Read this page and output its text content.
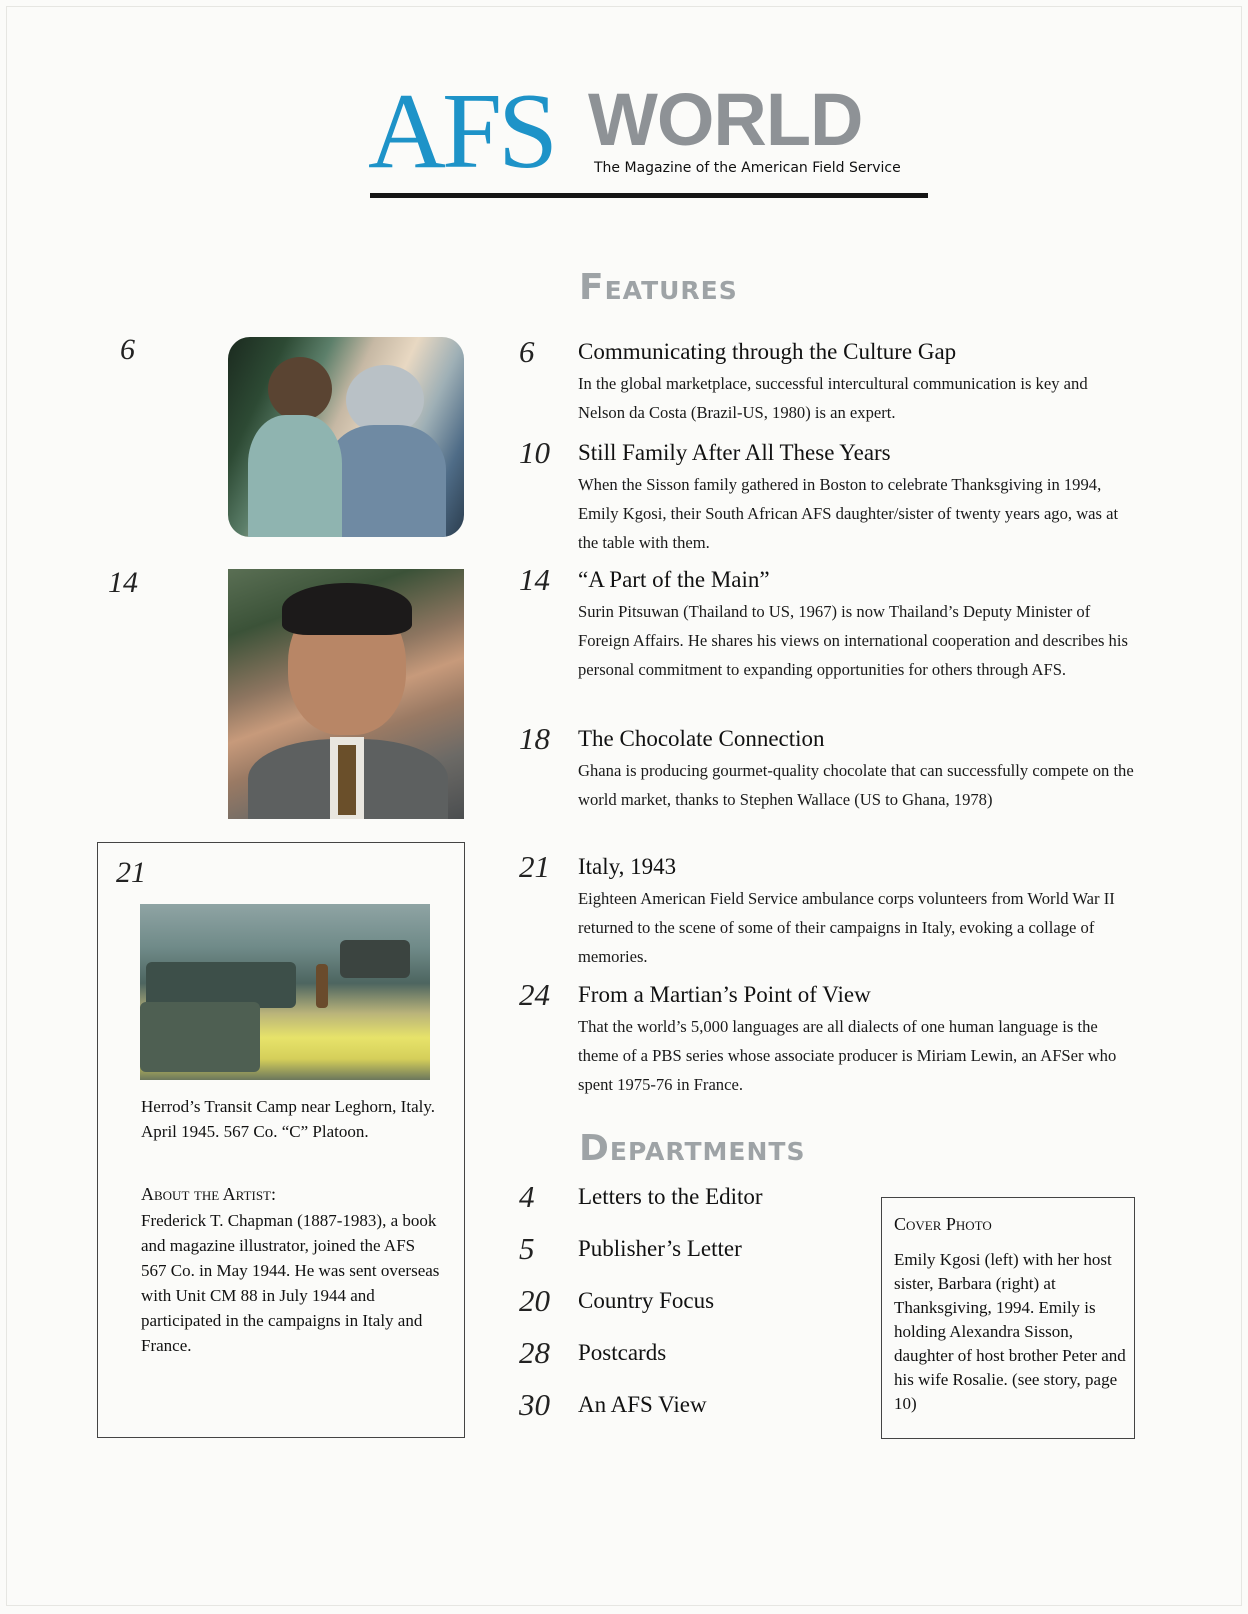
AFS WORLD
The Magazine of the American Field Service
Features
6	Communicating through the Culture Gap
In the global marketplace, successful intercultural communication is key and Nelson da Costa (Brazil-US, 1980) is an expert.
10	Still Family After All These Years
When the Sisson family gathered in Boston to celebrate Thanksgiving in 1994, Emily Kgosi, their South African AFS daughter/sister of twenty years ago, was at the table with them.
14	“A Part of the Main”
Surin Pitsuwan (Thailand to US, 1967) is now Thailand’s Deputy Minister of Foreign Affairs. He shares his views on international cooperation and describes his personal commitment to expanding opportunities for others through AFS.
18	The Chocolate Connection
Ghana is producing gourmet-quality chocolate that can successfully compete on the world market, thanks to Stephen Wallace (US to Ghana, 1978)
21	Italy, 1943
Eighteen American Field Service ambulance corps volunteers from World War II returned to the scene of some of their campaigns in Italy, evoking a collage of memories.
24	From a Martian’s Point of View
That the world’s 5,000 languages are all dialects of one human language is the theme of a PBS series whose associate producer is Miriam Lewin, an AFSer who spent 1975-76 in France.
Departments
4	Letters to the Editor
5	Publisher’s Letter
20	Country Focus
28	Postcards
30	An AFS View
6
14
21
Herrod’s Transit Camp near Leghorn, Italy. April 1945. 567 Co. “C” Platoon.
About the Artist:
Frederick T. Chapman (1887-1983), a book and magazine illustrator, joined the AFS 567 Co. in May 1944. He was sent overseas with Unit CM 88 in July 1944 and participated in the campaigns in Italy and France.
Cover Photo
Emily Kgosi (left) with her host sister, Barbara (right) at Thanksgiving, 1994. Emily is holding Alexandra Sisson, daughter of host brother Peter and his wife Rosalie. (see story, page 10)
